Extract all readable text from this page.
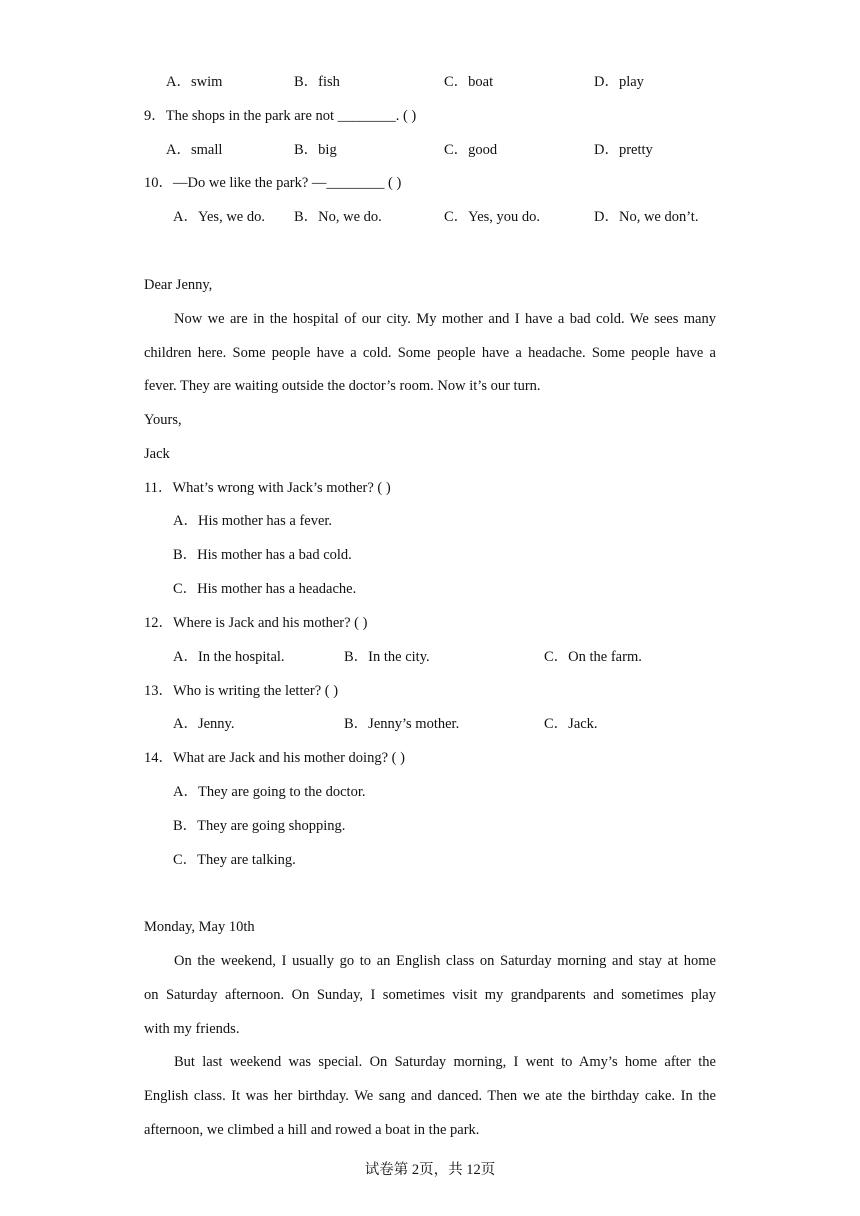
A．swim	B．fish	C．boat	D．play
9．The shops in the park are not ________. ( )
A．small	B．big	C．good	D．pretty
10．—Do we like the park? —________ ( )
A．Yes, we do. B．No, we do.	C．Yes, you do.	D．No, we don’t.
Dear Jenny,
Now we are in the hospital of our city. My mother and I have a bad cold. We sees many
children here. Some people have a cold. Some people have a headache. Some people have a
fever. They are waiting outside the doctor’s room. Now it’s our turn.
Yours,
Jack
11．What’s wrong with Jack’s mother? ( )
A．His mother has a fever.
B．His mother has a bad cold.
C．His mother has a headache.
12．Where is Jack and his mother? ( )
A．In the hospital.	B．In the city.	C．On the farm.
13．Who is writing the letter? ( )
A．Jenny.	B．Jenny’s mother.	C．Jack.
14．What are Jack and his mother doing? ( )
A．They are going to the doctor.
B．They are going shopping.
C．They are talking.
Monday, May 10th
On the weekend, I usually go to an English class on Saturday morning and stay at home
on Saturday afternoon. On Sunday, I sometimes visit my grandparents and sometimes play
with my friends.
But last weekend was special. On Saturday morning, I went to Amy’s home after the
English class. It was her birthday. We sang and danced. Then we ate the birthday cake. In the
afternoon, we climbed a hill and rowed a boat in the park.
试卷第 2页，共 12页
